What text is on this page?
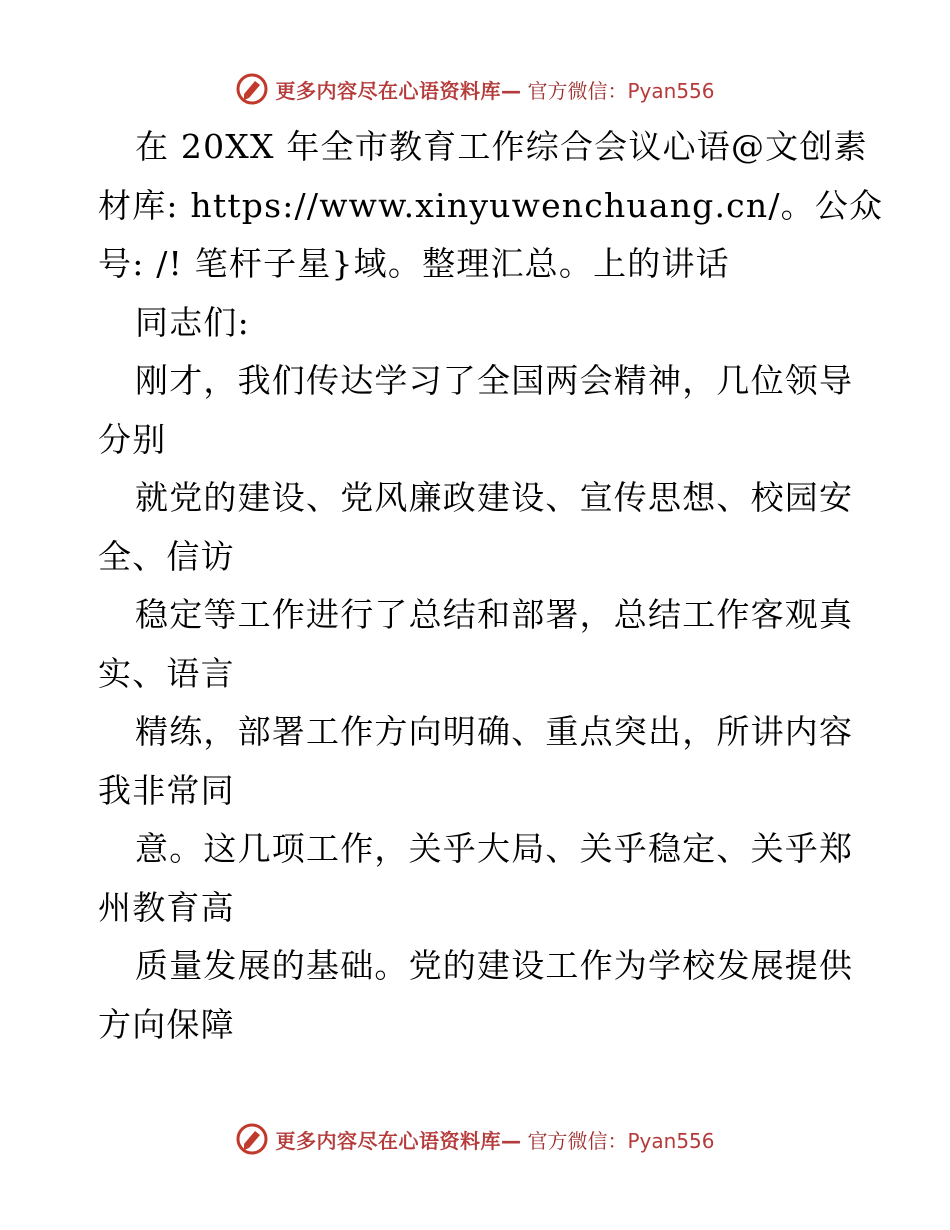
更多内容尽在心语资料库— 官方微信：Pyan556
在 20XX 年全市教育工作综合会议心语@文创素
材库: https://www.xinyuwenchuang.cn/。公众
号: /! 笔杆子星}域。整理汇总。上的讲话
同志们:
刚才，我们传达学习了全国两会精神，几位领导
分别
就党的建设、党风廉政建设、宣传思想、校园安
全、信访
稳定等工作进行了总结和部署，总结工作客观真
实、语言
精练，部署工作方向明确、重点突出，所讲内容
我非常同
意。这几项工作，关乎大局、关乎稳定、关乎郑
州教育高
质量发展的基础。党的建设工作为学校发展提供
方向保障
更多内容尽在心语资料库— 官方微信：Pyan556
